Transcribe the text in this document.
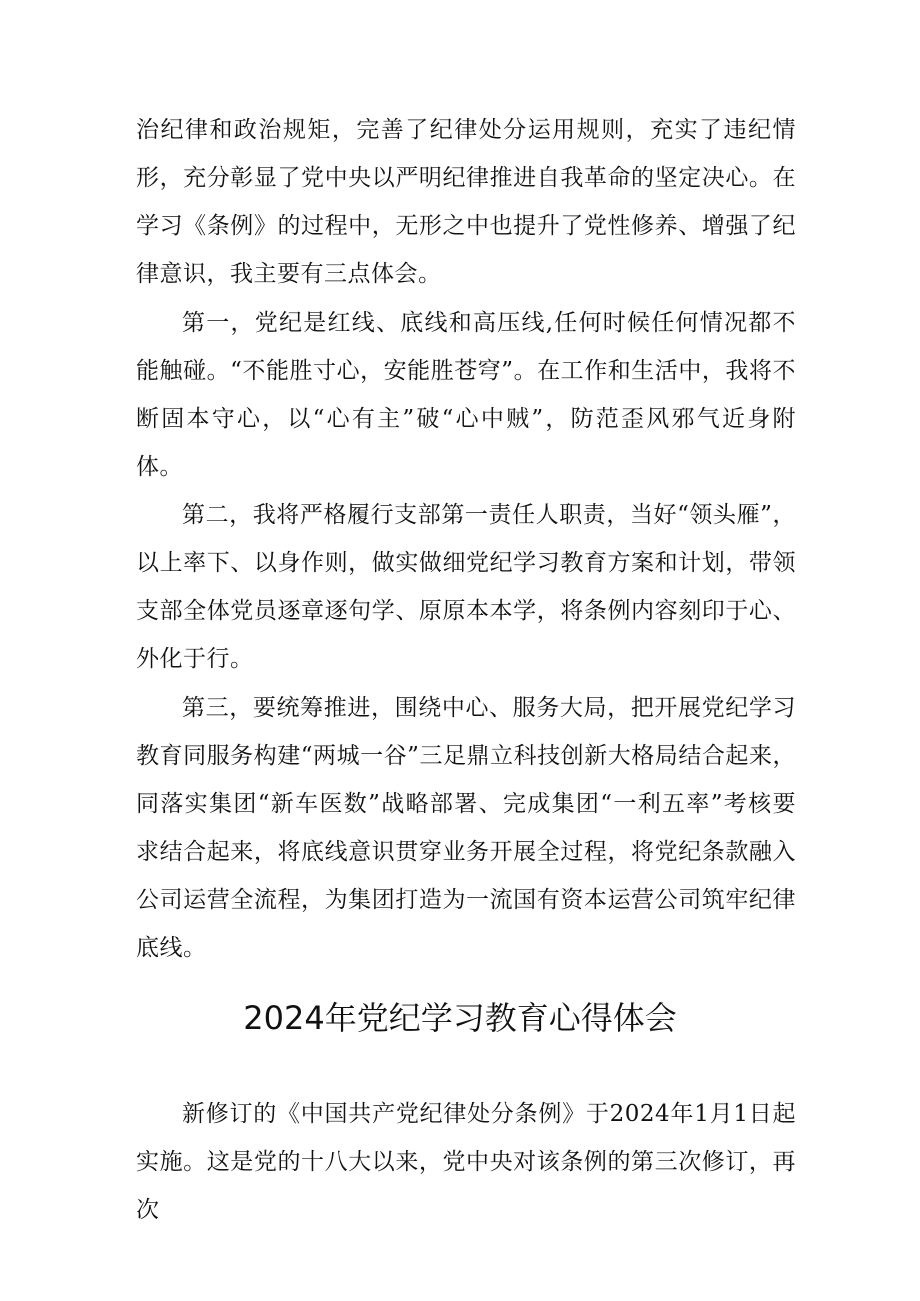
治纪律和政治规矩，完善了纪律处分运用规则，充实了违纪情形，充分彰显了党中央以严明纪律推进自我革命的坚定决心。在学习《条例》的过程中，无形之中也提升了党性修养、增强了纪律意识，我主要有三点体会。

第一，党纪是红线、底线和高压线,任何时候任何情况都不能触碰。“不能胜寸心，安能胜苍穹”。在工作和生活中，我将不断固本守心，以“心有主”破“心中贼”，防范歪风邪气近身附体。

第二，我将严格履行支部第一责任人职责，当好“领头雁”，以上率下、以身作则，做实做细党纪学习教育方案和计划，带领支部全体党员逐章逐句学、原原本本学，将条例内容刻印于心、外化于行。

第三，要统筹推进，围绕中心、服务大局，把开展党纪学习教育同服务构建“两城一谷”三足鼎立科技创新大格局结合起来，同落实集团“新车医数”战略部署、完成集团“一利五率”考核要求结合起来，将底线意识贯穿业务开展全过程，将党纪条款融入公司运营全流程，为集团打造为一流国有资本运营公司筑牢纪律底线。

2024年党纪学习教育心得体会

新修订的《中国共产党纪律处分条例》于2024年1月1日起实施。这是党的十八大以来，党中央对该条例的第三次修订，再次
